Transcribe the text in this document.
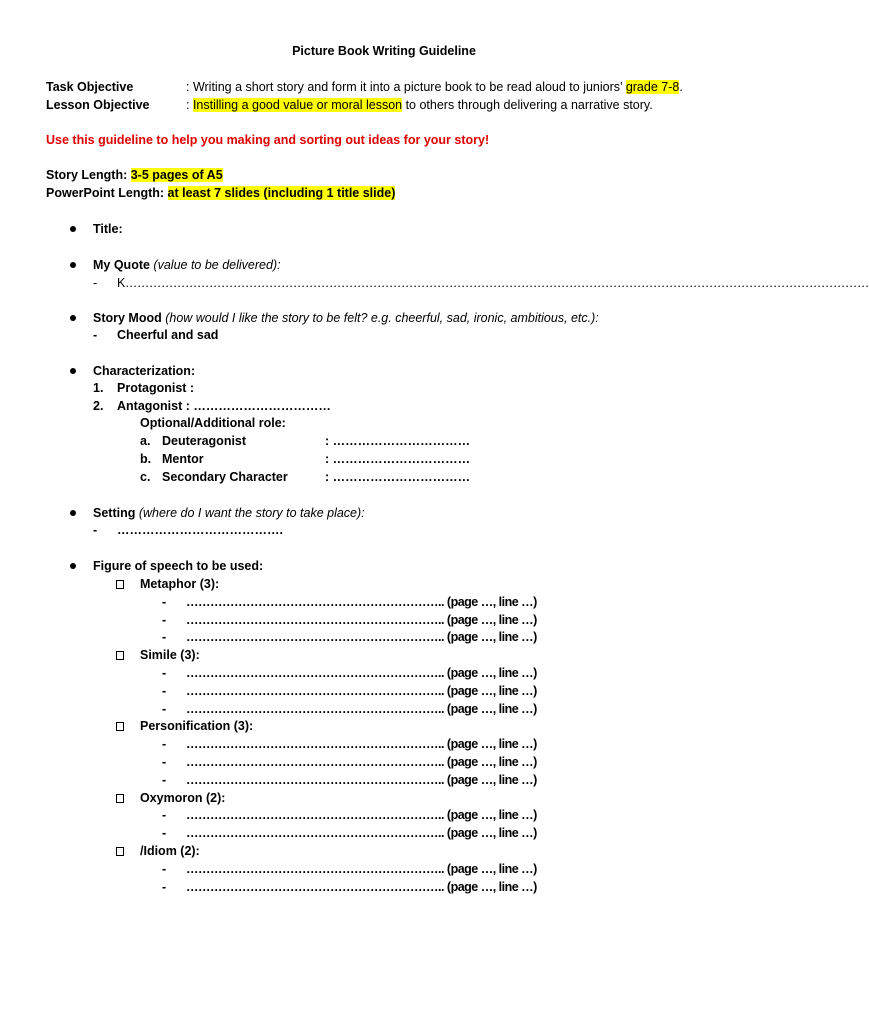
Picture Book Writing Guideline
Task Objective	: Writing a short story and form it into a picture book to be read aloud to juniors’ grade 7-8.
Lesson Objective	: Instilling a good value or moral lesson to others through delivering a narrative story.
Use this guideline to help you making and sorting out ideas for your story!
Story Length: 3-5 pages of A5
PowerPoint Length: at least 7 slides (including 1 title slide)
Title:
My Quote (value to be delivered):
- K……………………………………………………………………………………………………………………………………………………………………
Story Mood (how would I like the story to be felt? e.g. cheerful, sad, ironic, ambitious, etc.):
- Cheerful and sad
Characterization:
1. Protagonist :
2. Antagonist : ……………………………
Optional/Additional role:
a. Deuteragonist	: ……………………………
b. Mentor	: ……………………………
c. Secondary Character	: ……………………………
Setting (where do I want the story to take place):
- ………………………………….
Figure of speech to be used:
Metaphor (3):
- ……………………………………………………….. (page …, line …)
- ……………………………………………………….. (page …, line …)
- ……………………………………………………….. (page …, line …)
Simile (3):
- ……………………………………………………….. (page …, line …)
- ……………………………………………………….. (page …, line …)
- ……………………………………………………….. (page …, line …)
Personification (3):
- ……………………………………………………….. (page …, line …)
- ……………………………………………………….. (page …, line …)
- ……………………………………………………….. (page …, line …)
Oxymoron (2):
- ……………………………………………………….. (page …, line …)
- ……………………………………………………….. (page …, line …)
/Idiom (2):
- ……………………………………………………….. (page …, line …)
- ……………………………………………………….. (page …, line …)
